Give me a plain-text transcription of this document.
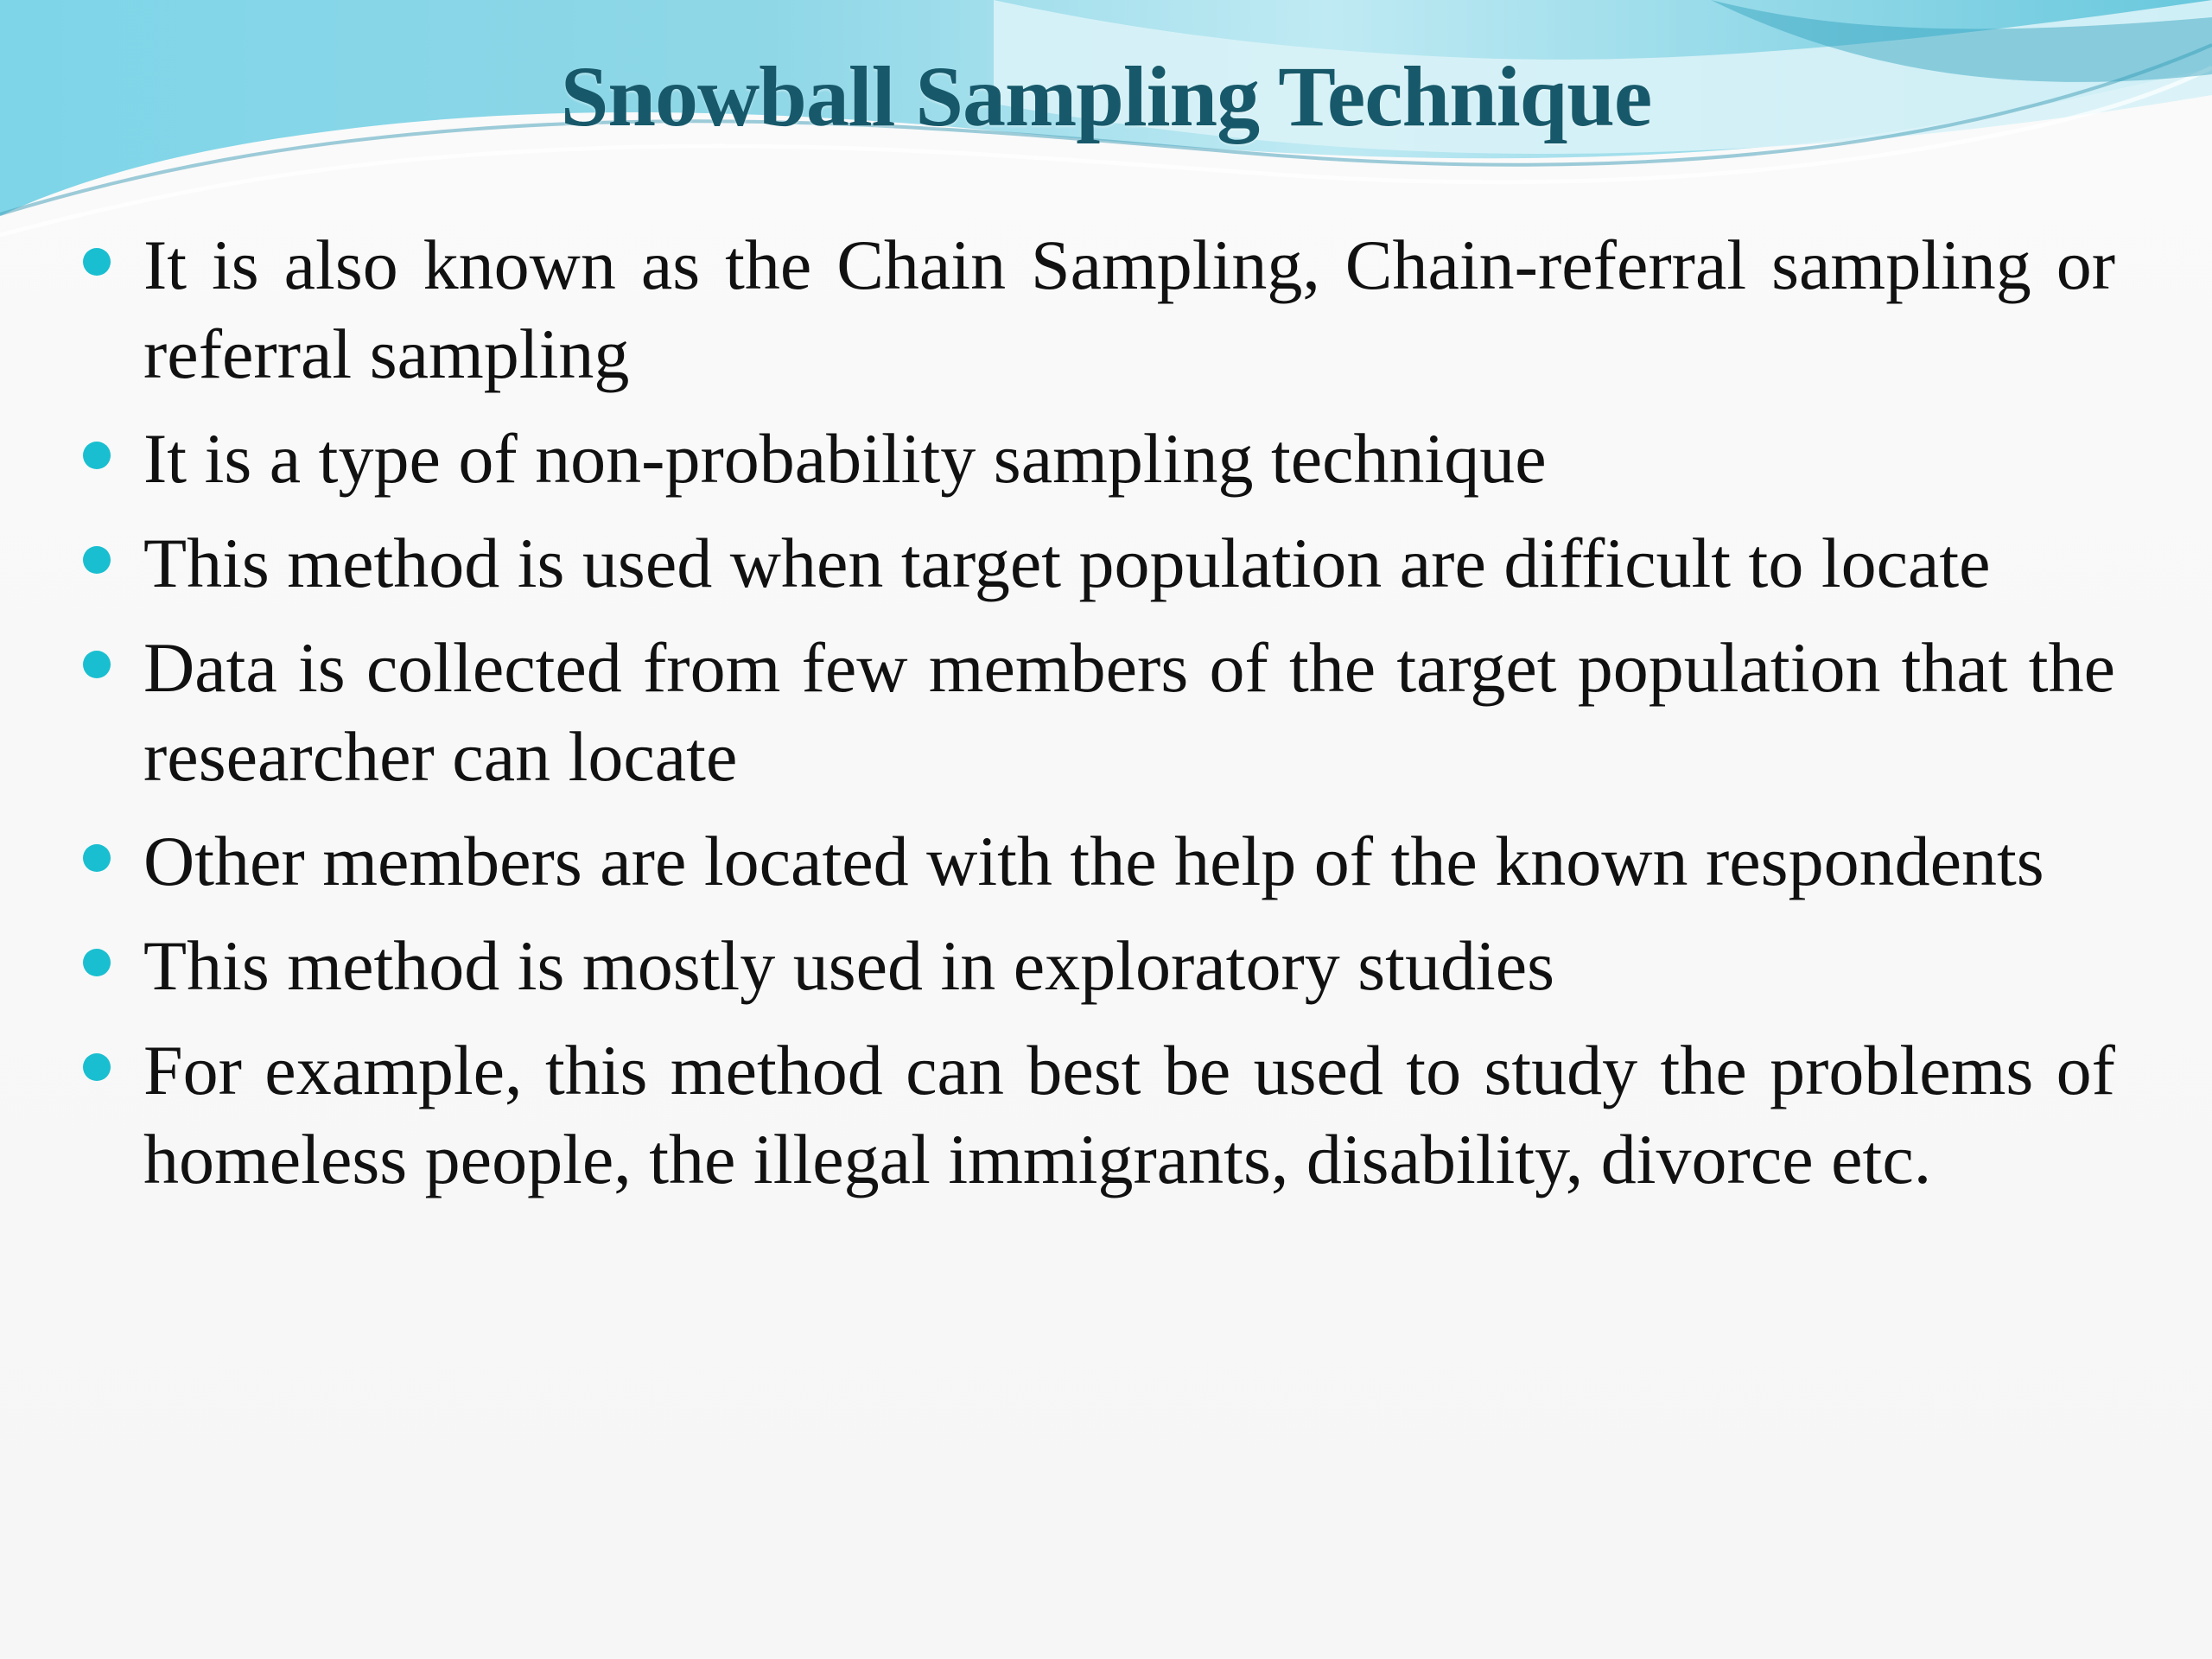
Snowball Sampling Technique
It is also known as the Chain Sampling, Chain-referral sampling or referral sampling
It is a type of non-probability sampling technique
This method is used when target population are difficult to locate
Data is collected from few members of the target population that the researcher can locate
Other members are located with the help of the known respondents
This method is mostly used in exploratory studies
For example, this method can best be used to study the problems of homeless people, the illegal immigrants, disability, divorce etc.
